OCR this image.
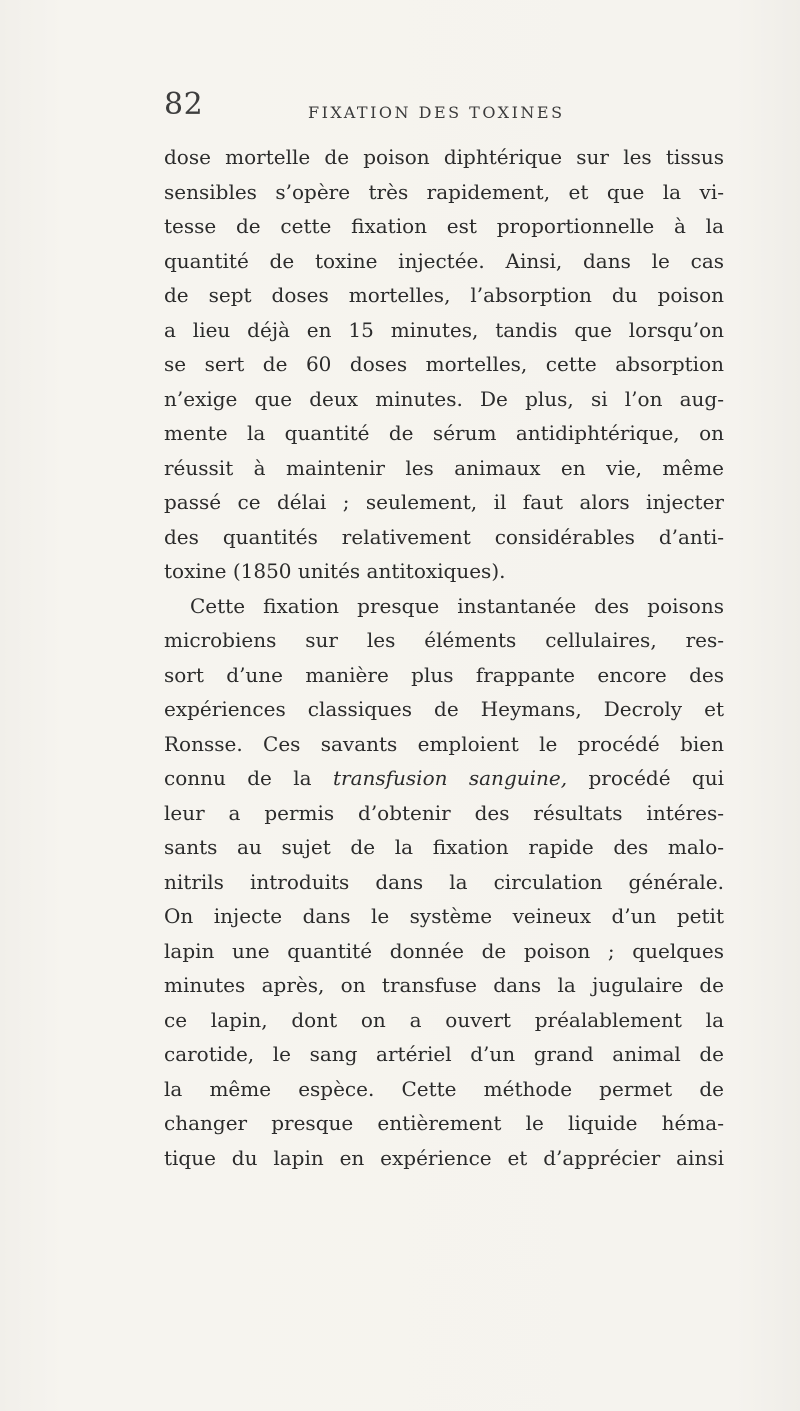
82	FIXATION DES TOXINES
dose mortelle de poison diphtérique sur les tissus
sensibles s’opère très rapidement, et que la vi-
tesse de cette fixation est proportionnelle à la
quantité de toxine injectée. Ainsi, dans le cas
de sept doses mortelles, l’absorption du poison
a lieu déjà en 15 minutes, tandis que lorsqu’on
se sert de 60 doses mortelles, cette absorption
n’exige que deux minutes. De plus, si l’on aug-
mente la quantité de sérum antidiphtérique, on
réussit à maintenir les animaux en vie, même
passé ce délai ; seulement, il faut alors injecter
des quantités relativement considérables d’anti-
toxine (1850 unités antitoxiques).
Cette fixation presque instantanée des poisons
microbiens sur les éléments cellulaires, res-
sort d’une manière plus frappante encore des
expériences classiques de Heymans, Decroly et
Ronsse. Ces savants emploient le procédé bien
connu de la transfusion sanguine, procédé qui
leur a permis d’obtenir des résultats intéres-
sants au sujet de la fixation rapide des malo-
nitrils introduits dans la circulation générale.
On injecte dans le système veineux d’un petit
lapin une quantité donnée de poison ; quelques
minutes après, on transfuse dans la jugulaire de
ce lapin, dont on a ouvert préalablement la
carotide, le sang artériel d’un grand animal de
la même espèce. Cette méthode permet de
changer presque entièrement le liquide héma-
tique du lapin en expérience et d’apprécier ainsi
